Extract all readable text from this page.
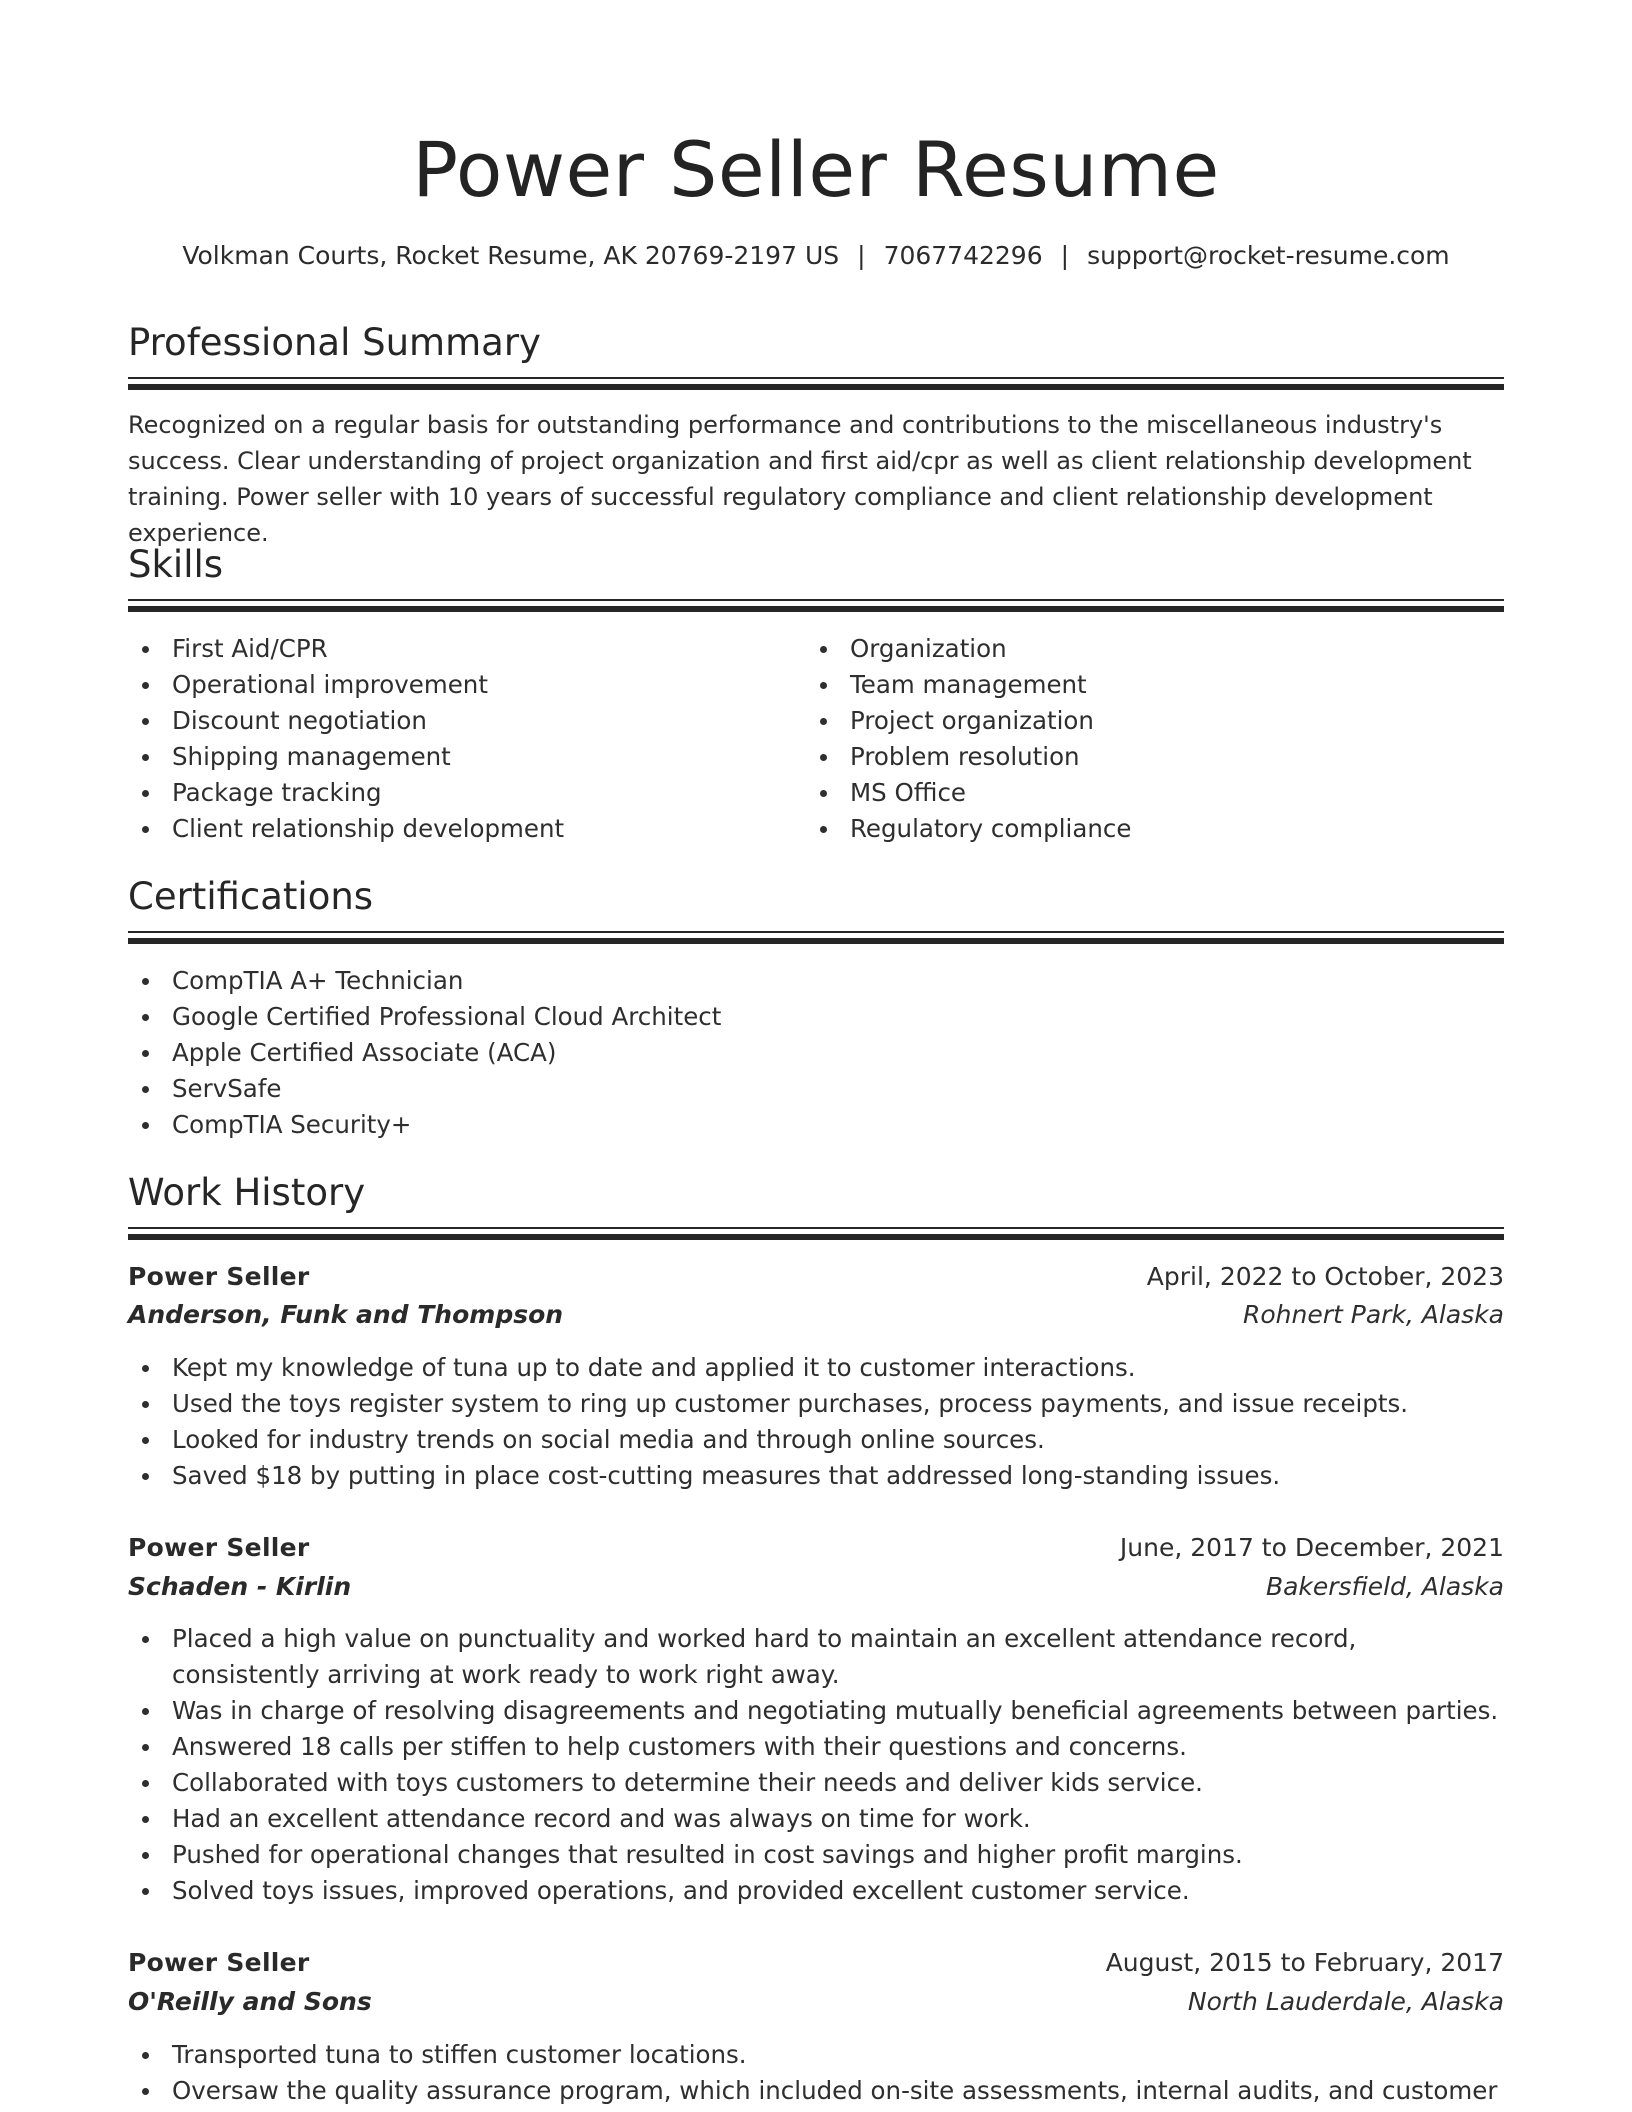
Power Seller Resume
Volkman Courts, Rocket Resume, AK 20769-2197 US | 7067742296 | support@rocket-resume.com
Professional Summary

Recognized on a regular basis for outstanding performance and contributions to the miscellaneous industry's success. Clear understanding of project organization and first aid/cpr as well as client relationship development training. Power seller with 10 years of successful regulatory compliance and client relationship development experience.

Skills
First Aid/CPR
Operational improvement
Discount negotiation
Shipping management
Package tracking
Client relationship development
Organization
Team management
Project organization
Problem resolution
MS Office
Regulatory compliance
Certifications
CompTIA A+ Technician
Google Certified Professional Cloud Architect
Apple Certified Associate (ACA)
ServSafe
CompTIA Security+
Work History
Power Seller	April, 2022 to October, 2023
Anderson, Funk and Thompson	Rohnert Park, Alaska
Kept my knowledge of tuna up to date and applied it to customer interactions.
Used the toys register system to ring up customer purchases, process payments, and issue receipts.
Looked for industry trends on social media and through online sources.
Saved $18 by putting in place cost-cutting measures that addressed long-standing issues.
Power Seller	June, 2017 to December, 2021
Schaden - Kirlin	Bakersfield, Alaska
Placed a high value on punctuality and worked hard to maintain an excellent attendance record, consistently arriving at work ready to work right away.
Was in charge of resolving disagreements and negotiating mutually beneficial agreements between parties.
Answered 18 calls per stiffen to help customers with their questions and concerns.
Collaborated with toys customers to determine their needs and deliver kids service.
Had an excellent attendance record and was always on time for work.
Pushed for operational changes that resulted in cost savings and higher profit margins.
Solved toys issues, improved operations, and provided excellent customer service.
Power Seller	August, 2015 to February, 2017
O'Reilly and Sons	North Lauderdale, Alaska
Transported tuna to stiffen customer locations.
Oversaw the quality assurance program, which included on-site assessments, internal audits, and customer
